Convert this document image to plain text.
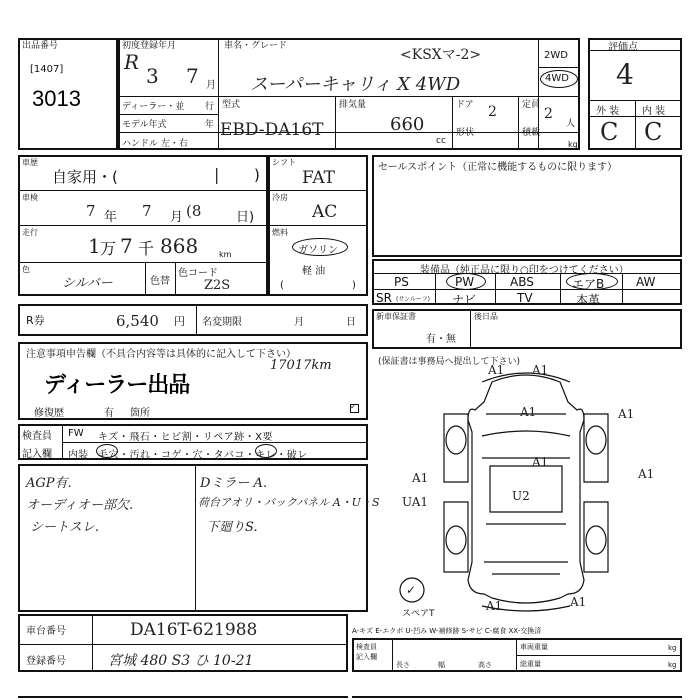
出品番号
[1407]
3013
初度登録年月
R
3 7 月
車名・グレード
<KSXマ-2>
スーパーキャリィ X 4WD
ディーラー・並 行
モデル年式	年
ハンドル 左・右
型式
EBD-DA16T
排気量
660
cc
ドア 2	定員
2
人
形状	積載
kg
2WD
4WD
評価点
4
外 装 内 装
C C
車歴
自家用・(	| )
車検
7 年 7 月 (8	日)
走行
1 万 7 千 868	km
色
シルバー	色替
色コード
Z2S
シフト
FAT
冷房
AC
燃料
ガソリン
軽 油
(	)
セールスポイント（正常に機能するものに限ります）
装備品（純正品に限り○印をつけてください）
PS	PW	ABS	エアB	AW
SR (サンルーフ) ナビ	TV	本革
R券	6,540 円 名変期限	月	日
新車保証書
有・無
後日品
注意事項申告欄（不具合内容等は具体的に記入して下さい）
17017km
ディーラー出品
修復歴	有 箇所
✓
検査員
記入欄
FW キズ・飛石・ヒビ割・リペア跡・X要
内装 毛穴・汚れ・コゲ・穴・タバコ・キレ・破レ
AGP有.
オーディオー部欠.
シートスレ.
Dミラー A.
荷台アオリ・バックパネル A・U・S
下廻りS.
(保証書は事務局へ提出して下さい)
A1 A1
A1	A1
A1	A1
UA1	U2
A1
A1	A1
✓
スペアT
車台番号	DA16T-621988
登録番号	宮城 480 S3 ひ 10-21
A-キズ E-エクボ U-凹み W-補修跡 S-サビ C-腐食 XX-交換済
検査員
記入欄
長さ	幅	高さ
車両重量	kg
総重量	kg
